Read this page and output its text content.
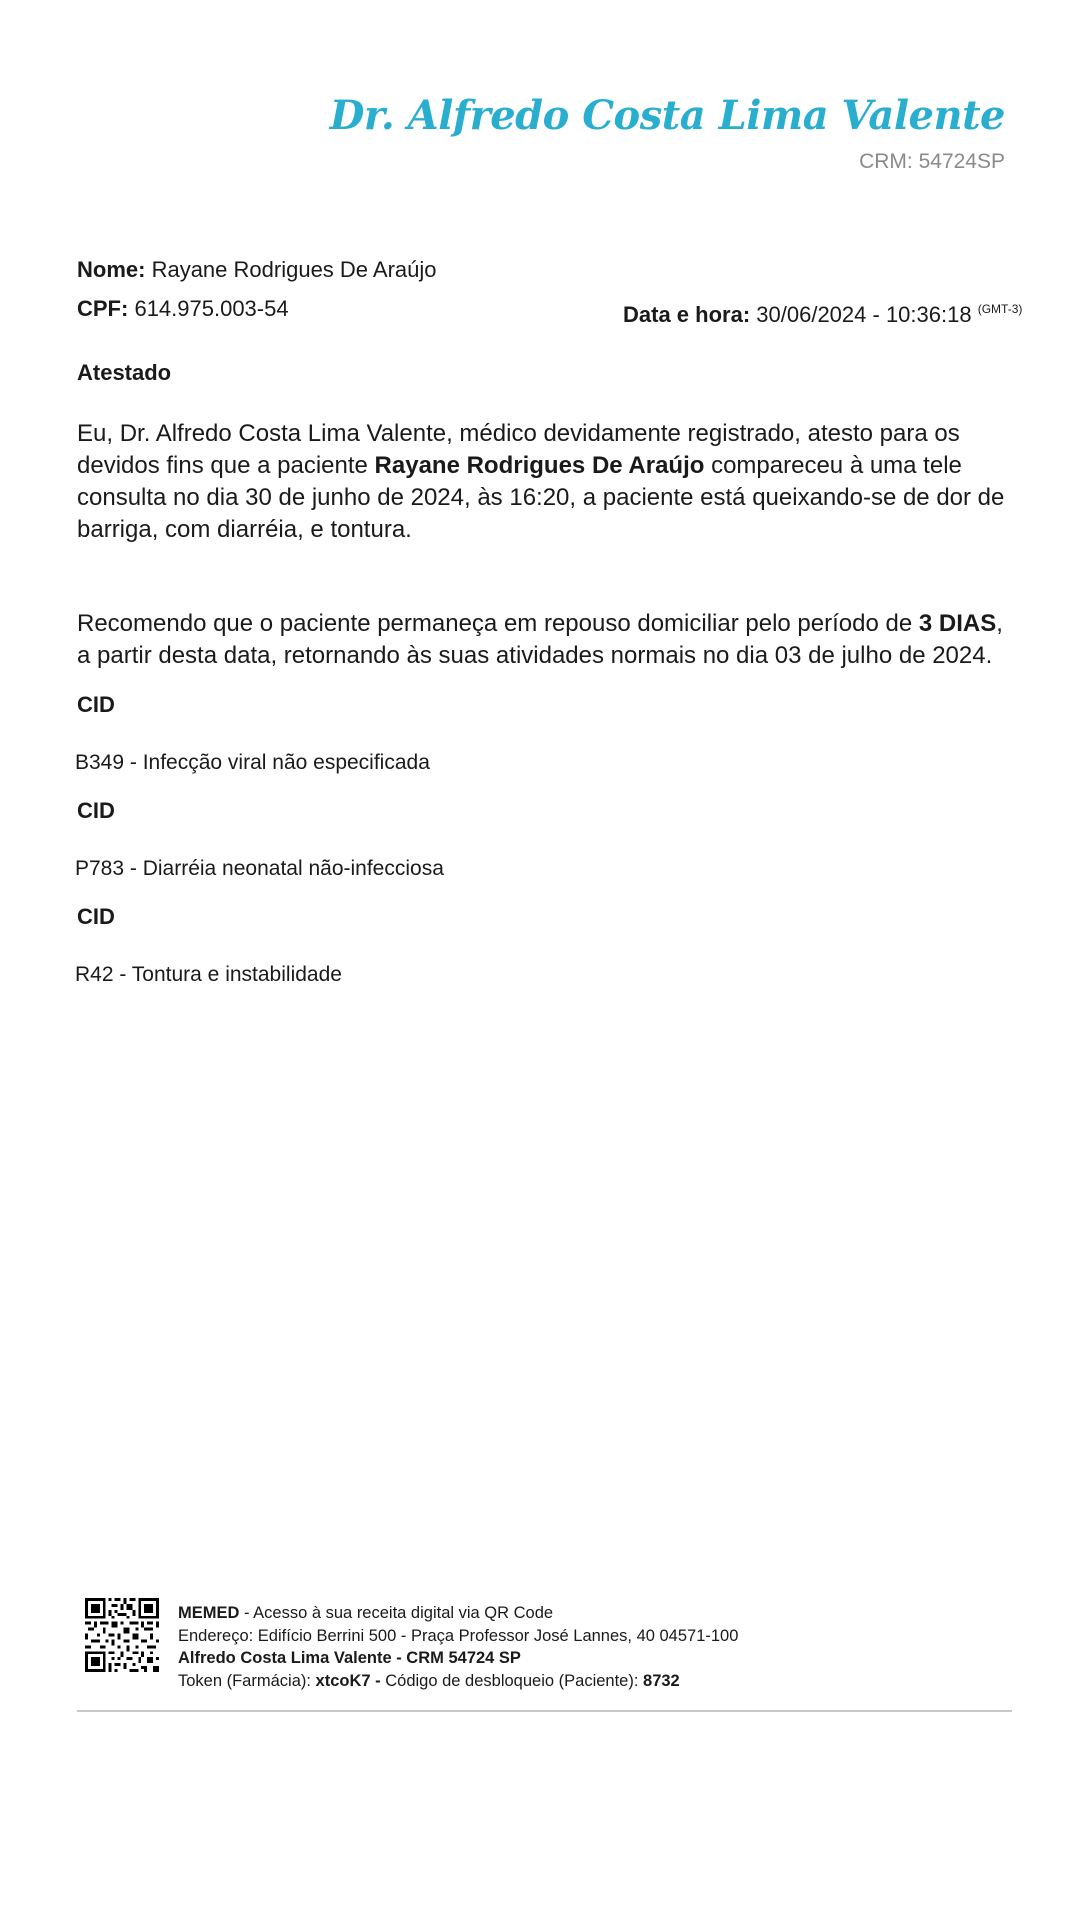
Dr. Alfredo Costa Lima Valente
CRM: 54724SP
Nome: Rayane Rodrigues De Araújo
CPF: 614.975.003-54	Data e hora: 30/06/2024 - 10:36:18 $^{(GMT-3)}$
Atestado
Eu, Dr. Alfredo Costa Lima Valente, médico devidamente registrado, atesto para os devidos fins que a paciente Rayane Rodrigues De Araújo compareceu à uma tele consulta no dia 30 de junho de 2024, às 16:20, a paciente está queixando-se de dor de barriga, com diarréia, e tontura.
Recomendo que o paciente permaneça em repouso domiciliar pelo período de 3 DIAS, a partir desta data, retornando às suas atividades normais no dia 03 de julho de 2024.
CID
B349 - Infecção viral não especificada
CID
P783 - Diarréia neonatal não-infecciosa
CID
R42 - Tontura e instabilidade
MEMED - Acesso à sua receita digital via QR Code
Endereço: Edifício Berrini 500 - Praça Professor José Lannes, 40 04571-100
Alfredo Costa Lima Valente - CRM 54724 SP
Token (Farmácia): xtcoK7 - Código de desbloqueio (Paciente): 8732
